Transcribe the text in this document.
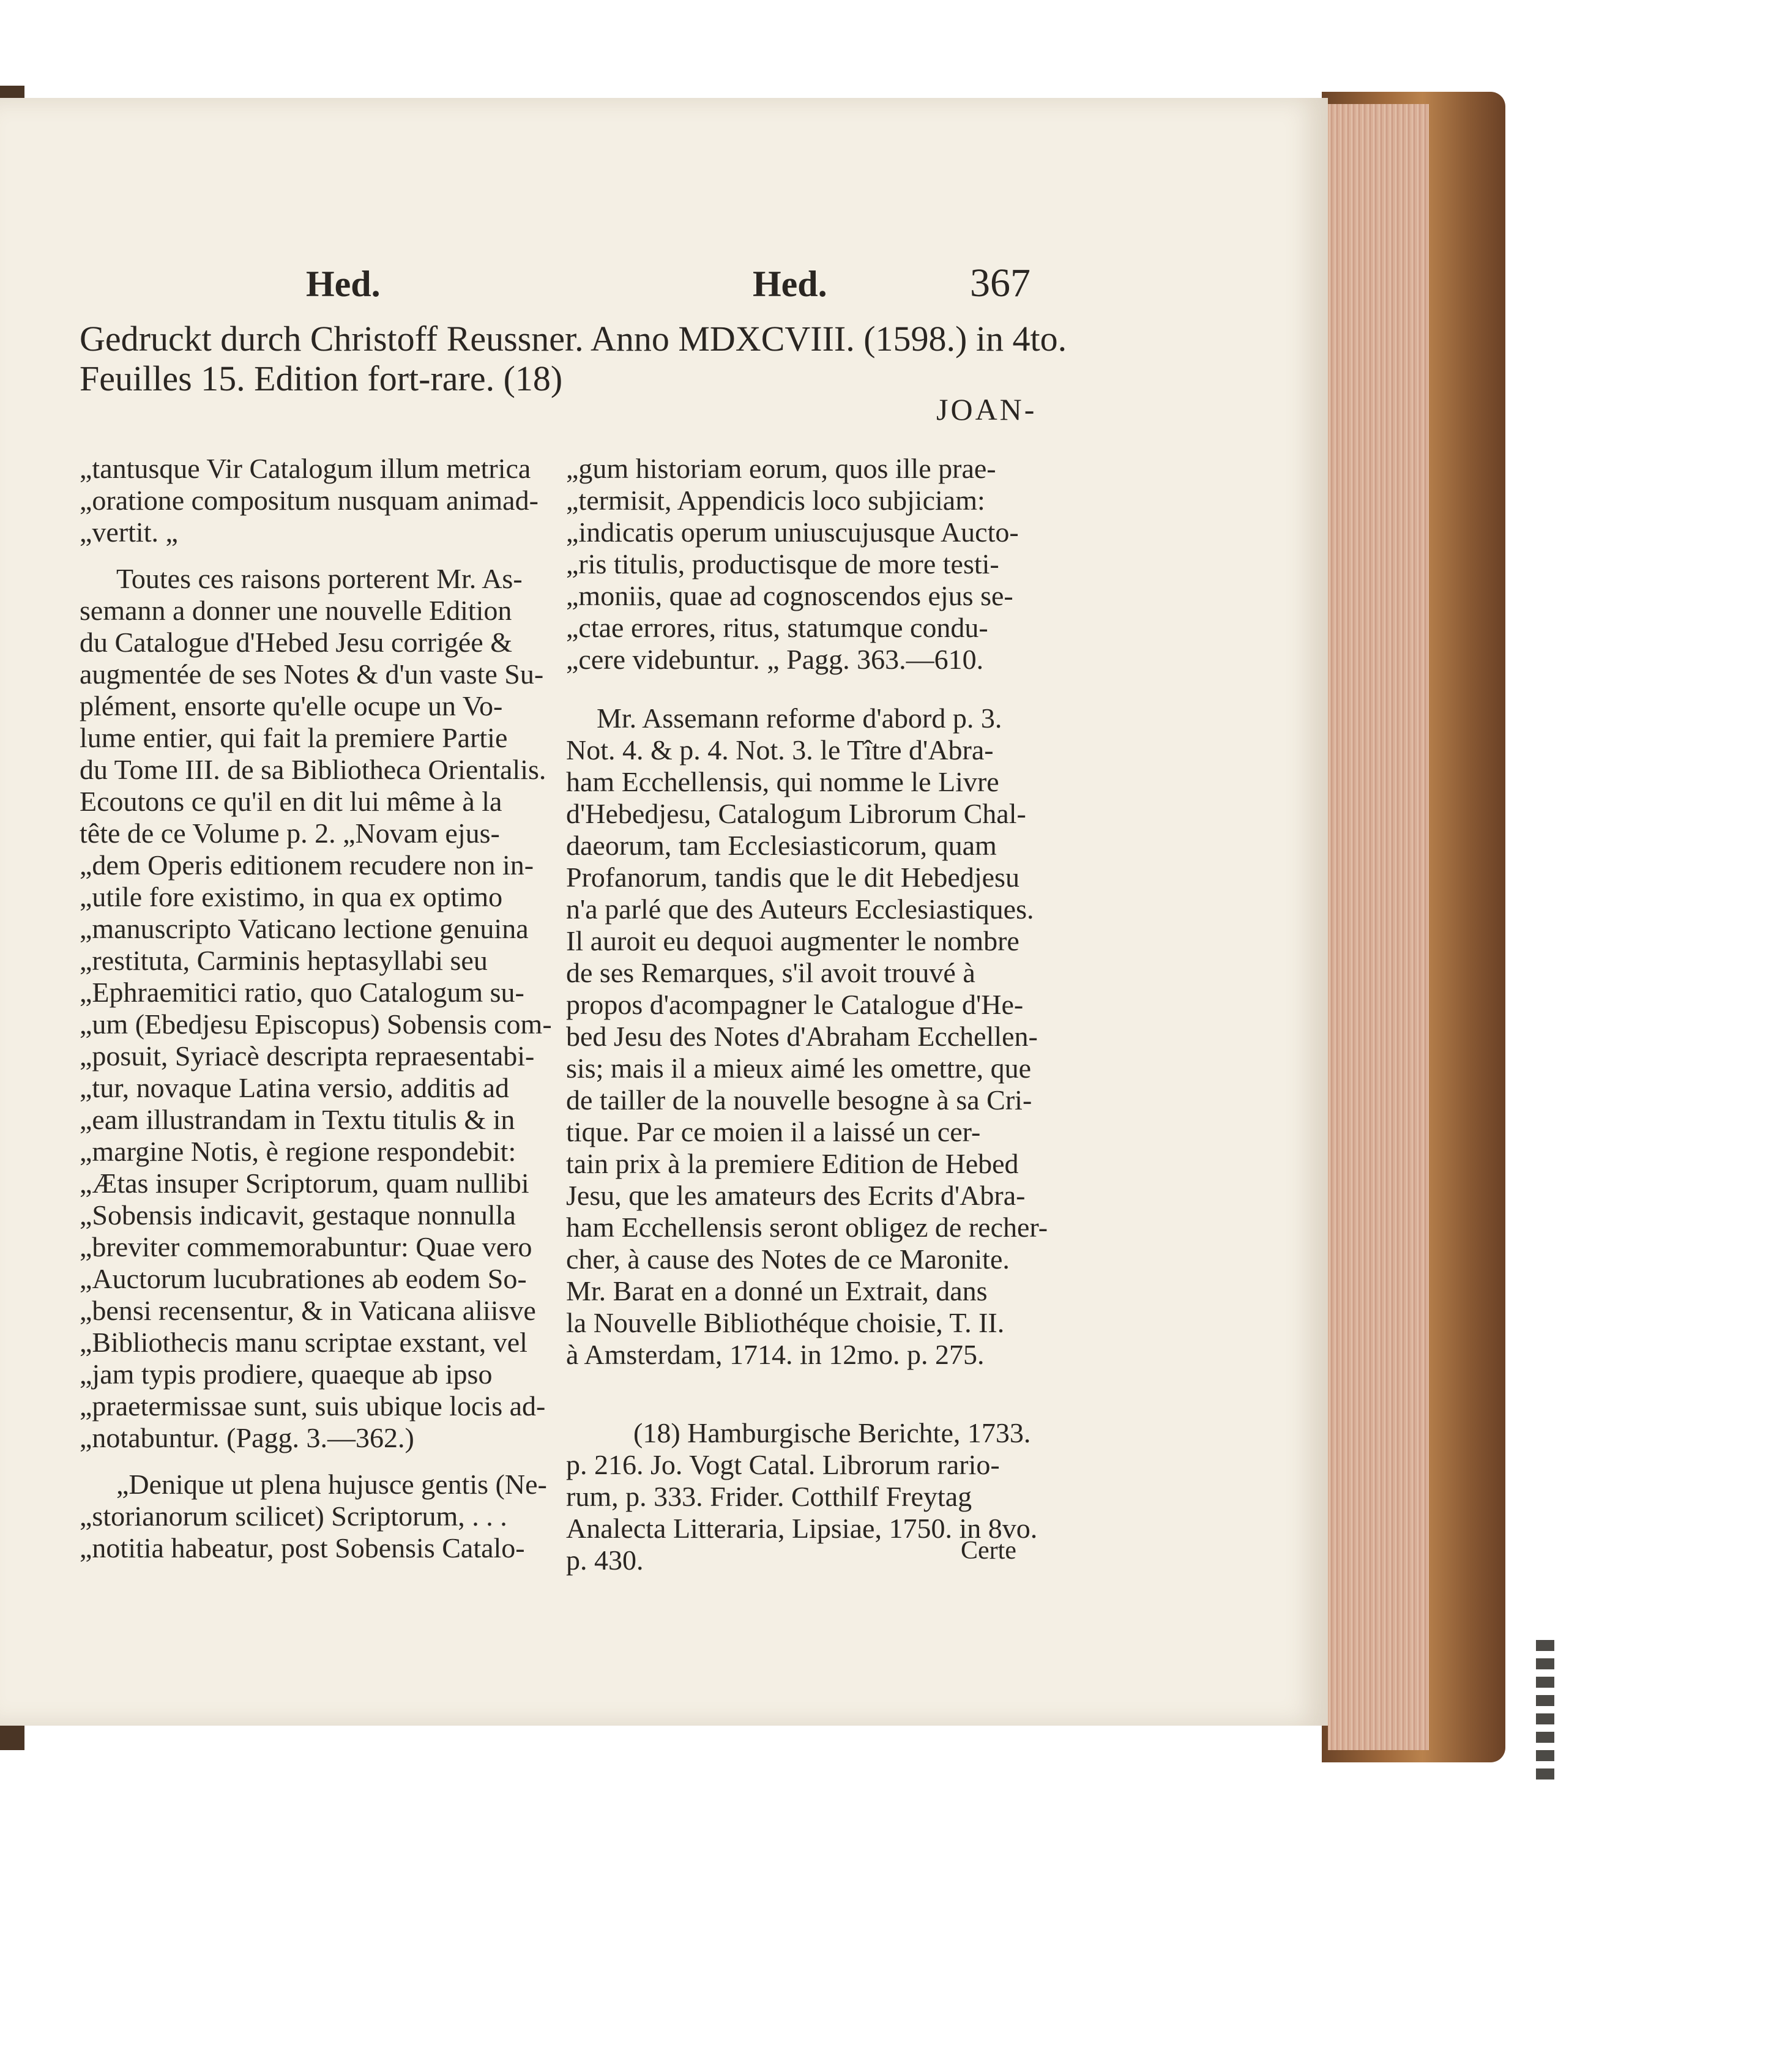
Hed.	Hed.	367
Gedruckt durch Christoff Reussner. Anno MDXCVIII. (1598.) in 4to.
Feuilles 15. Edition fort-rare. (18)
JOAN-
„tantusque Vir Catalogum illum metrica
„oratione compositum nusquam animad-
„vertit. „
Toutes ces raisons porterent Mr. As-
semann a donner une nouvelle Edition
du Catalogue d'Hebed Jesu corrigée &
augmentée de ses Notes & d'un vaste Su-
plément, ensorte qu'elle ocupe un Vo-
lume entier, qui fait la premiere Partie
du Tome III. de sa Bibliotheca Orientalis.
Ecoutons ce qu'il en dit lui même à la
tête de ce Volume p. 2. „Novam ejus-
„dem Operis editionem recudere non in-
„utile fore existimo, in qua ex optimo
„manuscripto Vaticano lectione genuina
„restituta, Carminis heptasyllabi seu
„Ephraemitici ratio, quo Catalogum su-
„um (Ebedjesu Episcopus) Sobensis com-
„posuit, Syriacè descripta repraesentabi-
„tur, novaque Latina versio, additis ad
„eam illustrandam in Textu titulis & in
„margine Notis, è regione respondebit:
„Ætas insuper Scriptorum, quam nullibi
„Sobensis indicavit, gestaque nonnulla
„breviter commemorabuntur: Quae vero
„Auctorum lucubrationes ab eodem So-
„bensi recensentur, & in Vaticana aliisve
„Bibliothecis manu scriptae exstant, vel
„jam typis prodiere, quaeque ab ipso
„praetermissae sunt, suis ubique locis ad-
„notabuntur. (Pagg. 3.—362.)
„Denique ut plena hujusce gentis (Ne-
„storianorum scilicet) Scriptorum, . . .
„notitia habeatur, post Sobensis Catalo-
„gum historiam eorum, quos ille prae-
„termisit, Appendicis loco subjiciam:
„indicatis operum uniuscujusque Aucto-
„ris titulis, productisque de more testi-
„moniis, quae ad cognoscendos ejus se-
„ctae errores, ritus, statumque condu-
„cere videbuntur. „ Pagg. 363.—610.
Mr. Assemann reforme d'abord p. 3.
Not. 4. & p. 4. Not. 3. le Tître d'Abra-
ham Ecchellensis, qui nomme le Livre
d'Hebedjesu, Catalogum Librorum Chal-
daeorum, tam Ecclesiasticorum, quam
Profanorum, tandis que le dit Hebedjesu
n'a parlé que des Auteurs Ecclesiastiques.
Il auroit eu dequoi augmenter le nombre
de ses Remarques, s'il avoit trouvé à
propos d'acompagner le Catalogue d'He-
bed Jesu des Notes d'Abraham Ecchellen-
sis; mais il a mieux aimé les omettre, que
de tailler de la nouvelle besogne à sa Cri-
tique. Par ce moien il a laissé un cer-
tain prix à la premiere Edition de Hebed
Jesu, que les amateurs des Ecrits d'Abra-
ham Ecchellensis seront obligez de recher-
cher, à cause des Notes de ce Maronite.
Mr. Barat en a donné un Extrait, dans
la Nouvelle Bibliothéque choisie, T. II.
à Amsterdam, 1714. in 12mo. p. 275.
(18) Hamburgische Berichte, 1733.
p. 216. Jo. Vogt Catal. Librorum rario-
rum, p. 333. Frider. Cotthilf Freytag
Analecta Litteraria, Lipsiae, 1750. in 8vo.
p. 430.	Certe
